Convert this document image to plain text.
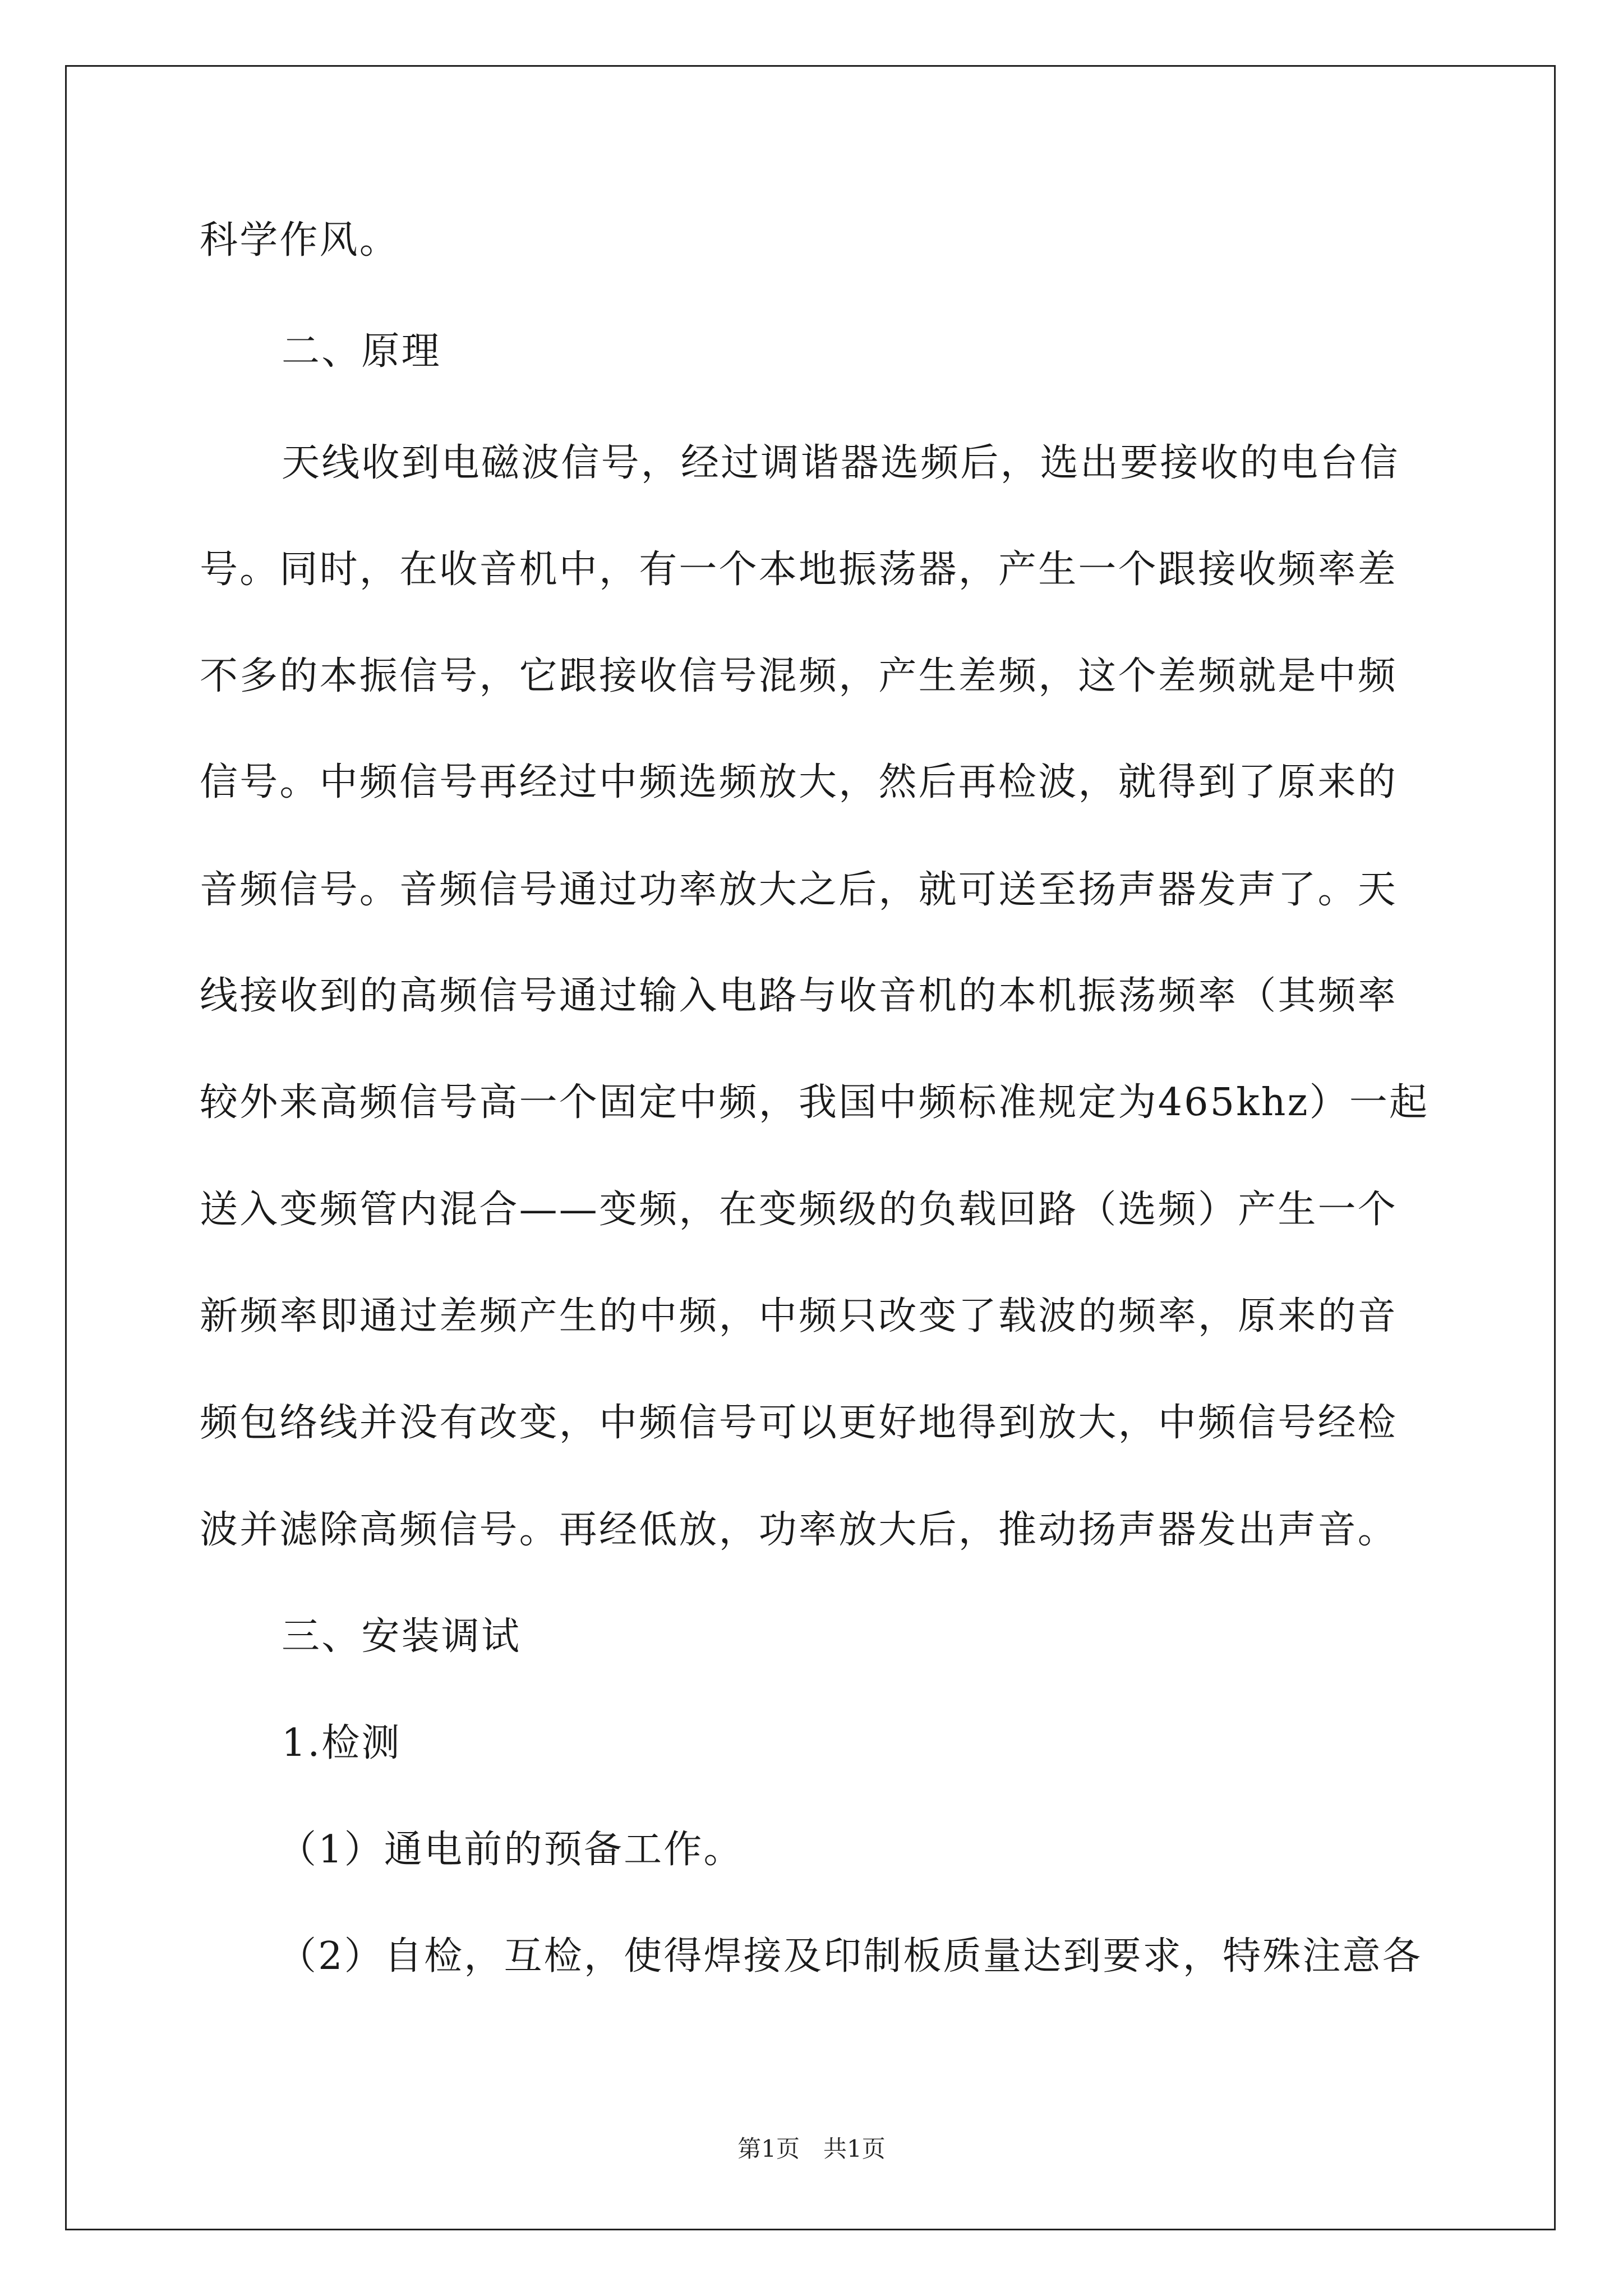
科学作风。
二、原理
天线收到电磁波信号，经过调谐器选频后，选出要接收的电台信
号。同时，在收音机中，有一个本地振荡器，产生一个跟接收频率差
不多的本振信号，它跟接收信号混频，产生差频，这个差频就是中频
信号。中频信号再经过中频选频放大，然后再检波，就得到了原来的
音频信号。音频信号通过功率放大之后，就可送至扬声器发声了。天
线接收到的高频信号通过输入电路与收音机的本机振荡频率（其频率
较外来高频信号高一个固定中频，我国中频标准规定为465khz）一起
送入变频管内混合——变频，在变频级的负载回路（选频）产生一个
新频率即通过差频产生的中频，中频只改变了载波的频率，原来的音
频包络线并没有改变，中频信号可以更好地得到放大，中频信号经检
波并滤除高频信号。再经低放，功率放大后，推动扬声器发出声音。
三、安装调试
1.检测
（1）通电前的预备工作。
（2）自检，互检，使得焊接及印制板质量达到要求，特殊注意各
第1页　共1页
